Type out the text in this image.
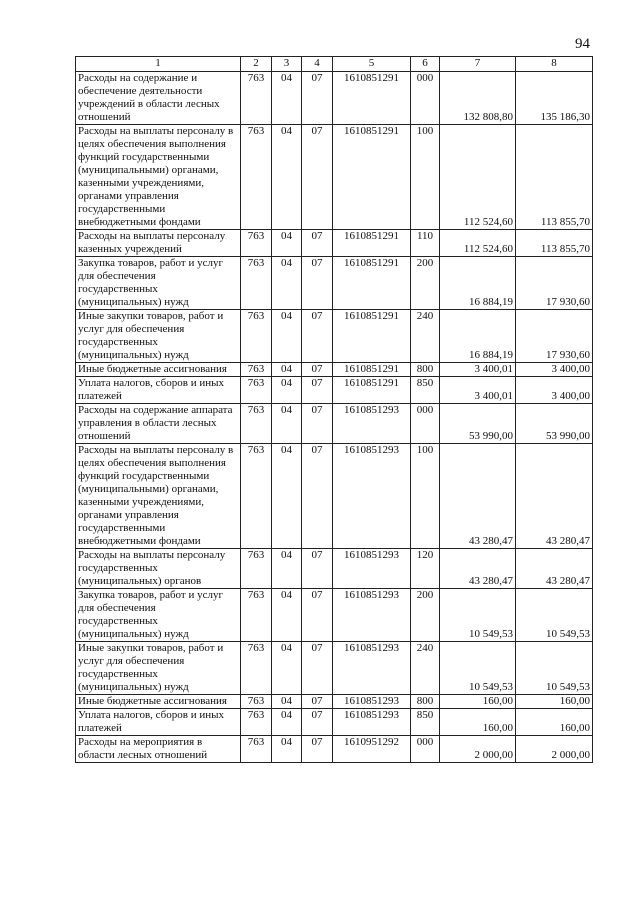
94
1	2	3	4	5	6	7	8
Расходы на содержание и обеспечение деятельности учреждений в области лесных отношений	763	04	07	1610851291	000	132 808,80	135 186,30
Расходы на выплаты персоналу в целях обеспечения выполнения функций государственными (муниципальными) органами, казенными учреждениями, органами управления государственными внебюджетными фондами	763	04	07	1610851291	100	112 524,60	113 855,70
Расходы на выплаты персоналу казенных учреждений	763	04	07	1610851291	110	112 524,60	113 855,70
Закупка товаров, работ и услуг для обеспечения государственных (муниципальных) нужд	763	04	07	1610851291	200	16 884,19	17 930,60
Иные закупки товаров, работ и услуг для обеспечения государственных (муниципальных) нужд	763	04	07	1610851291	240	16 884,19	17 930,60
Иные бюджетные ассигнования	763	04	07	1610851291	800	3 400,01	3 400,00
Уплата налогов, сборов и иных платежей	763	04	07	1610851291	850	3 400,01	3 400,00
Расходы на содержание аппарата управления в области лесных отношений	763	04	07	1610851293	000	53 990,00	53 990,00
Расходы на выплаты персоналу в целях обеспечения выполнения функций государственными (муниципальными) органами, казенными учреждениями, органами управления государственными внебюджетными фондами	763	04	07	1610851293	100	43 280,47	43 280,47
Расходы на выплаты персоналу государственных (муниципальных) органов	763	04	07	1610851293	120	43 280,47	43 280,47
Закупка товаров, работ и услуг для обеспечения государственных (муниципальных) нужд	763	04	07	1610851293	200	10 549,53	10 549,53
Иные закупки товаров, работ и услуг для обеспечения государственных (муниципальных) нужд	763	04	07	1610851293	240	10 549,53	10 549,53
Иные бюджетные ассигнования	763	04	07	1610851293	800	160,00	160,00
Уплата налогов, сборов и иных платежей	763	04	07	1610851293	850	160,00	160,00
Расходы на мероприятия в области лесных отношений	763	04	07	1610951292	000	2 000,00	2 000,00
